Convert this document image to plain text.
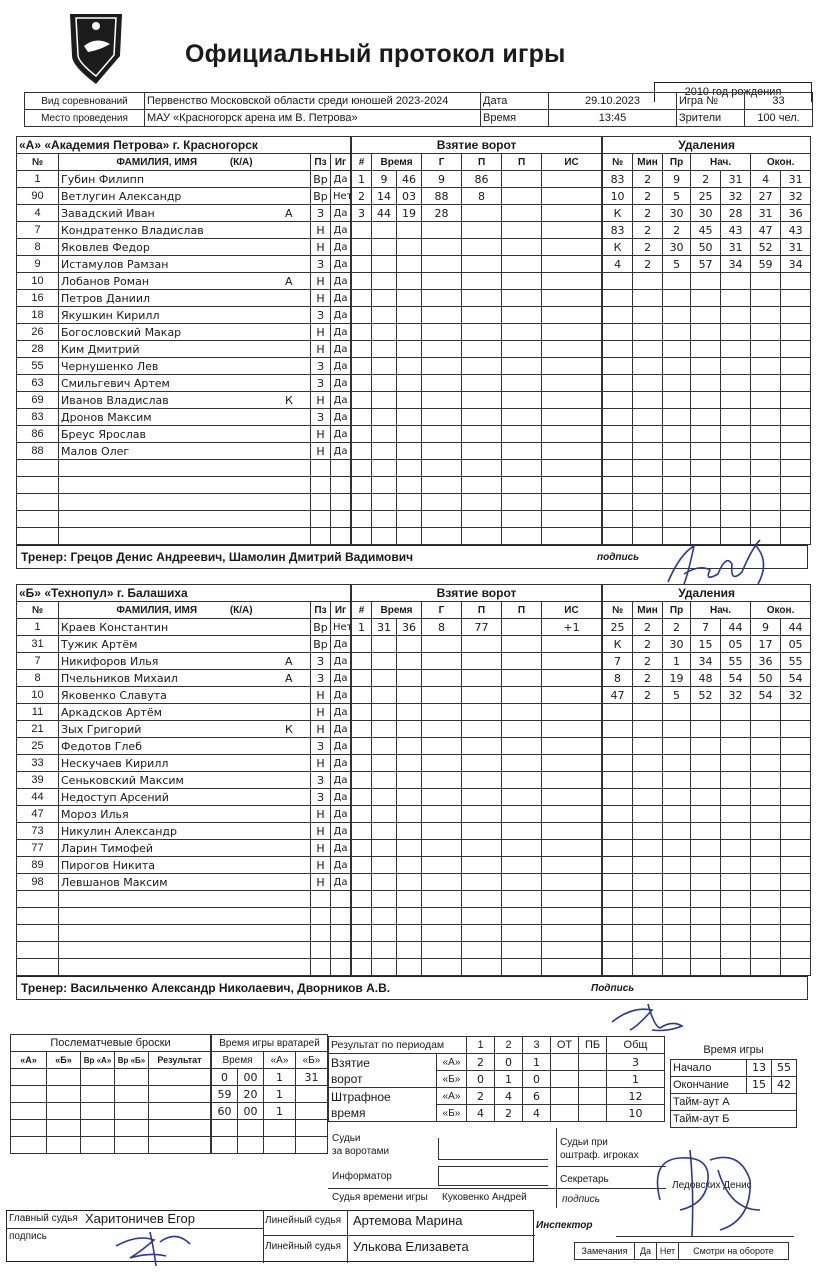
Официальный протокол игры
2010 год рождения
Вид соревнований	Первенство Московской области среди юношей 2023-2024	Дата	29.10.2023	Игра №	33
Место проведения	МАУ «Красногорск арена им В. Петрова»	Время	13:45	Зрители	100 чел.
«А» «Академия Петрова» г. Красногорск			
№	ФАМИЛИЯ, ИМЯ (К/А)	Пз	Иг
1	Губин Филипп	Вр	Да
90	Ветлугин Александр	Вр	Нет
4	Завадский Иван А	З	Да
7	Кондратенко Владислав	Н	Да
8	Яковлев Федор	Н	Да
9	Истамулов Рамзан	З	Да
10	Лобанов Роман А	Н	Да
16	Петров Даниил	Н	Да
18	Якушкин Кирилл	З	Да
26	Богословский Макар	Н	Да
28	Ким Дмитрий	Н	Да
55	Чернушенко Лев	З	Да
63	Смильгевич Артем	З	Да
69	Иванов Владислав К	Н	Да
83	Дронов Максим	З	Да
86	Бреус Ярослав	Н	Да
88	Малов Олег	Н	Да

Взятие ворот						
#	Время		Г	П	П	ИС
1	9	46	9	86		
2	14	03	88	8		
3	44	19	28			

Удаления						
№	Мин	Пр	Нач.		Окон.	
83	2	9	2	31	4	31
10	2	5	25	32	27	32
К	2	30	30	28	31	36
83	2	2	45	43	47	43
К	2	30	50	31	52	31
4	2	5	57	34	59	34

Тренер:
Грецов Денис Андреевич, Шамолин Дмитрий Вадимович	подпись
«Б» «Технопул» г. Балашиха			
№	ФАМИЛИЯ, ИМЯ (К/А)	Пз	Иг
1	Краев Константин	Вр	Нет
31	Тужик Артём	Вр	Да
7	Никифоров Илья А	З	Да
8	Пчельников Михаил А	З	Да
10	Яковенко Славута	Н	Да
11	Аркадсков Артём	Н	Да
21	Зых Григорий К	Н	Да
25	Федотов Глеб	З	Да
33	Нескучаев Кирилл	Н	Да
39	Сеньковский Максим	З	Да
44	Недоступ Арсений	З	Да
47	Мороз Илья	Н	Да
73	Никулин Александр	Н	Да
77	Ларин Тимофей	Н	Да
89	Пирогов Никита	Н	Да
98	Левшанов Максим	Н	Да

Взятие ворот						
#	Время		Г	П	П	ИС
1	31	36	8	77		+1

Удаления						
№	Мин	Пр	Нач.		Окон.	
25	2	2	7	44	9	44
К	2	30	15	05	17	05
7	2	1	34	55	36	55
8	2	19	48	54	50	54
47	2	5	52	32	54	32

Тренер:
Васильченко Александр Николаевич, Дворников А.В.	Подпись
Послематчевые броски				
«А»	«Б»	Вр «А»	Вр «Б»	Результат

Время игры вратарей			
Время		«А»	«Б»
0	00	1	31
59	20	1	
60	00	1	

Результат по периодам		1	2	3	ОТ	ПБ	Общ
Взятие
ворот	«А»	2	0	1			3
	«Б»	0	1	0			1
Штрафное
время	«А»	2	4	6			12
	«Б»	4	2	4			10
Время игры		
Начало	13	55
Окончание	15	42
Тайм-аут А		
Тайм-аут Б		
Судьи
за воротами
Судьи при
оштраф. игроках
Информатор	Секретарь
Ледовских Денис
Судья времени игры Куковенко Андрей	подпись
Главный судья Харитоничев Егор
подпись
Линейный судья Артемова Марина
Линейный судья Улькова Елизавета
Инспектор
Замечания	Да	Нет	Смотри на обороте
